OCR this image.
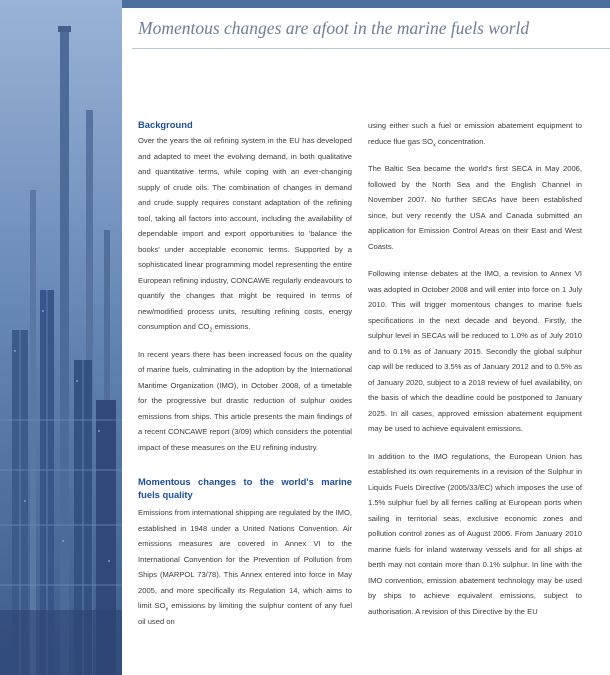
Momentous changes are afoot in the marine fuels world
Background

Over the years the oil refining system in the EU has developed and adapted to meet the evolving demand, in both qualitative and quantitative terms, while coping with an ever-changing supply of crude oils. The combination of changes in demand and crude supply requires constant adaptation of the refining tool, taking all factors into account, including the availability of dependable import and export opportunities to 'balance the books' under acceptable economic terms. Supported by a sophisticated linear programming model representing the entire European refining industry, CONCAWE regularly endeavours to quantify the changes that might be required in terms of new/modified process units, resulting refining costs, energy consumption and $CO_2$ emissions.

In recent years there has been increased focus on the quality of marine fuels, culminating in the adoption by the International Maritime Organization (IMO), in October 2008, of a timetable for the progressive but drastic reduction of sulphur oxides emissions from ships. This article presents the main findings of a recent CONCAWE report (3/09) which considers the potential impact of these measures on the EU refining industry.

Momentous changes to the world's marine fuels quality

Emissions from international shipping are regulated by the IMO, established in 1948 under a United Nations Convention. Air emissions measures are covered in Annex VI to the International Convention for the Prevention of Pollution from Ships (MARPOL 73/78). This Annex entered into force in May 2005, and more specifically its Regulation 14, which aims to limit $SO_x$ emissions by limiting the sulphur content of any fuel oil used on

using either such a fuel or emission abatement equipment to reduce flue gas $SO_x$ concentration.

The Baltic Sea became the world's first SECA in May 2006, followed by the North Sea and the English Channel in November 2007. No further SECAs have been established since, but very recently the USA and Canada submitted an application for Emission Control Areas on their East and West Coasts.

Following intense debates at the IMO, a revision to Annex VI was adopted in October 2008 and will enter into force on 1 July 2010. This will trigger momentous changes to marine fuels specifications in the next decade and beyond. Firstly, the sulphur level in SECAs will be reduced to 1.0% as of July 2010 and to 0.1% as of January 2015. Secondly the global sulphur cap will be reduced to 3.5% as of January 2012 and to 0.5% as of January 2020, subject to a 2018 review of fuel availability, on the basis of which the deadline could be postponed to January 2025. In all cases, approved emission abatement equipment may be used to achieve equivalent emissions.

In addition to the IMO regulations, the European Union has established its own requirements in a revision of the Sulphur in Liquids Fuels Directive (2005/33/EC) which imposes the use of 1.5% sulphur fuel by all ferries calling at European ports when sailing in territorial seas, exclusive economic zones and pollution control zones as of August 2006. From January 2010 marine fuels for inland waterway vessels and for all ships at berth may not contain more than 0.1% sulphur. In line with the IMO convention, emission abatement technology may be used by ships to achieve equivalent emissions, subject to authorisation. A revision of this Directive by the EU
